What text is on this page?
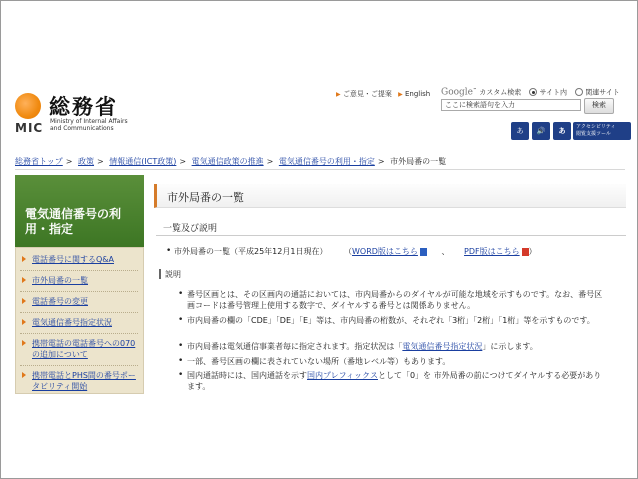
総務省
MIC Ministry of Internal Affairs
and Communications
▶ ご意見・ご提案 ▶ English Google™ カスタム検索	サイト内	関連サイト
ここに検索語句を入力	検索
あ	🔊	あ	アクセシビリティ
閲覧支援ツール
総務省トップ > 政策 > 情報通信(ICT政策) > 電気通信政策の推進 > 電気通信番号の利用・指定 > 市外局番の一覧
電気通信番号の利用・指定
電話番号に関するQ&A
市外局番の一覧
電話番号の変更
電気通信番号指定状況
携帯電話の電話番号への070の追加について
携帯電話とPHS間の番号ポータビリティ開始
市外局番の一覧
一覧及び説明
• 市外局番の一覧（平成25年12月1日現在） （WORD版はこちら	、 PDF版はこちら ）
説明
• 番号区画とは、その区画内の通話においては、市内局番からのダイヤルが可能な地域を示すものです。なお、番号区画コードは番号管理上使用する数字で、ダイヤルする番号とは関係ありません。
• 市内局番の欄の「CDE」「DE」「E」等は、市内局番の桁数が、それぞれ「3桁」「2桁」「1桁」等を示すものです。
• 市内局番は電気通信事業者毎に指定されます。指定状況は「電気通信番号指定状況」に示します。
• 一部、番号区画の欄に表されていない場所（番地レベル等）もあります。
• 国内通話時には、国内通話を示す国内プレフィックスとして「0」を 市外局番の前につけてダイヤルする必要があります。
